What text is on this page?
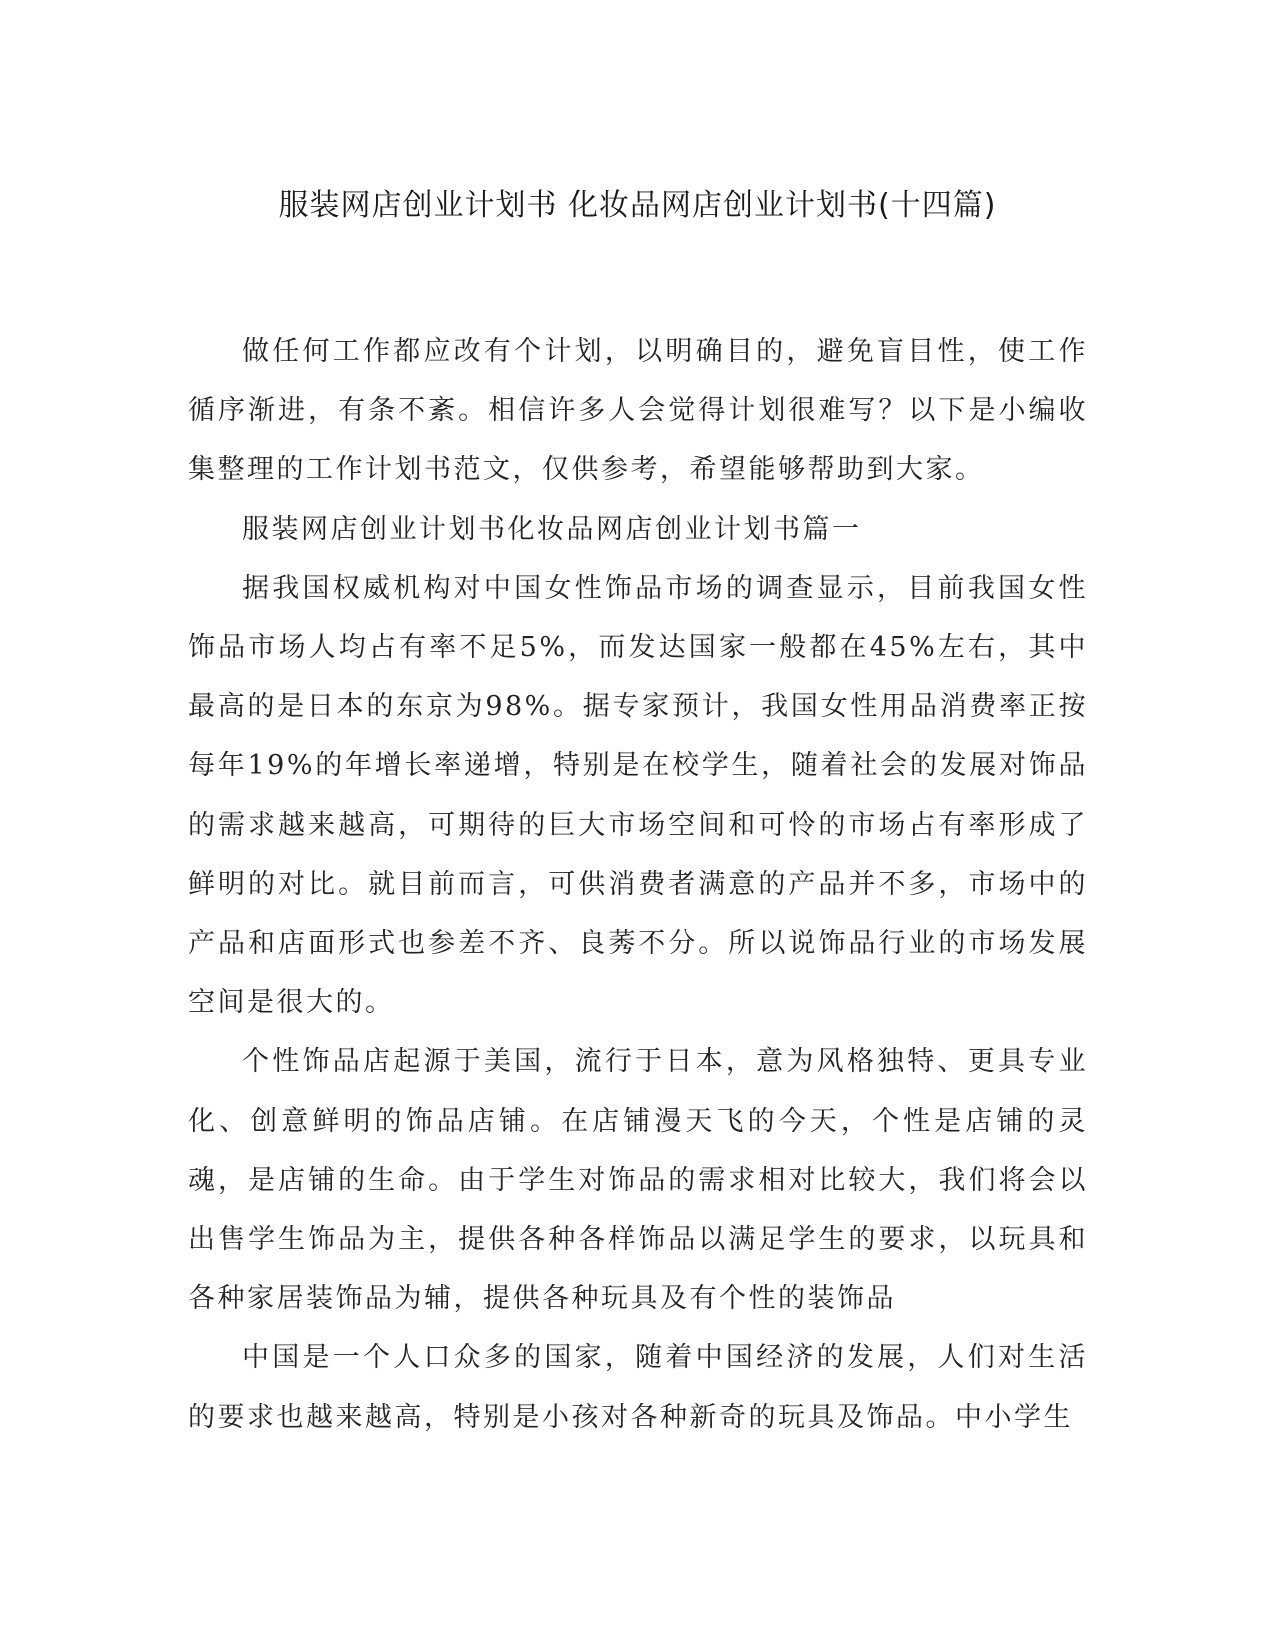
服装网店创业计划书 化妆品网店创业计划书(十四篇)

做任何工作都应改有个计划，以明确目的，避免盲目性，使工作循序渐进，有条不紊。相信许多人会觉得计划很难写？以下是小编收集整理的工作计划书范文，仅供参考，希望能够帮助到大家。

服装网店创业计划书化妆品网店创业计划书篇一

据我国权威机构对中国女性饰品市场的调查显示，目前我国女性饰品市场人均占有率不足5%，而发达国家一般都在45%左右，其中最高的是日本的东京为98%。据专家预计，我国女性用品消费率正按每年19%的年增长率递增，特别是在校学生，随着社会的发展对饰品的需求越来越高，可期待的巨大市场空间和可怜的市场占有率形成了鲜明的对比。就目前而言，可供消费者满意的产品并不多，市场中的产品和店面形式也参差不齐、良莠不分。所以说饰品行业的市场发展空间是很大的。

个性饰品店起源于美国，流行于日本，意为风格独特、更具专业化、创意鲜明的饰品店铺。在店铺漫天飞的今天，个性是店铺的灵魂，是店铺的生命。由于学生对饰品的需求相对比较大，我们将会以出售学生饰品为主，提供各种各样饰品以满足学生的要求，以玩具和各种家居装饰品为辅，提供各种玩具及有个性的装饰品

中国是一个人口众多的国家，随着中国经济的发展，人们对生活的要求也越来越高，特别是小孩对各种新奇的玩具及饰品。中小学生
